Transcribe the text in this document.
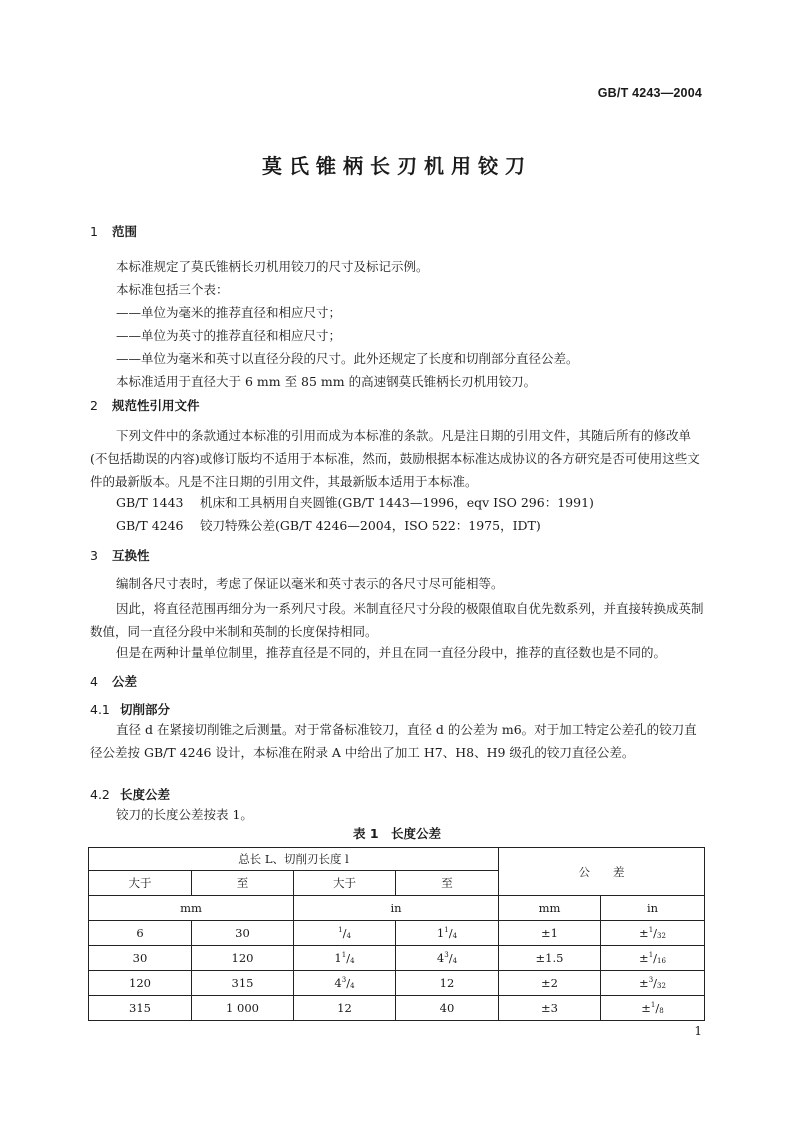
GB/T 4243—2004
莫氏锥柄长刃机用铰刀
1 范围
本标准规定了莫氏锥柄长刃机用铰刀的尺寸及标记示例。
本标准包括三个表：
——单位为毫米的推荐直径和相应尺寸；
——单位为英寸的推荐直径和相应尺寸；
——单位为毫米和英寸以直径分段的尺寸。此外还规定了长度和切削部分直径公差。
本标准适用于直径大于 6 mm 至 85 mm 的高速钢莫氏锥柄长刃机用铰刀。
2 规范性引用文件
下列文件中的条款通过本标准的引用而成为本标准的条款。凡是注日期的引用文件，其随后所有的修改单(不包括勘误的内容)或修订版均不适用于本标准，然而，鼓励根据本标准达成协议的各方研究是否可使用这些文件的最新版本。凡是不注日期的引用文件，其最新版本适用于本标准。
GB/T 1443 机床和工具柄用自夹圆锥(GB/T 1443—1996，eqv ISO 296：1991)
GB/T 4246 铰刀特殊公差(GB/T 4246—2004，ISO 522：1975，IDT)
3 互换性
编制各尺寸表时，考虑了保证以毫米和英寸表示的各尺寸尽可能相等。
因此，将直径范围再细分为一系列尺寸段。米制直径尺寸分段的极限值取自优先数系列，并直接转换成英制数值，同一直径分段中米制和英制的长度保持相同。
但是在两种计量单位制里，推荐直径是不同的，并且在同一直径分段中，推荐的直径数也是不同的。
4 公差
4.1 切削部分
直径 d 在紧接切削锥之后测量。对于常备标准铰刀，直径 d 的公差为 m6。对于加工特定公差孔的铰刀直径公差按 GB/T 4246 设计，本标准在附录 A 中给出了加工 H7、H8、H9 级孔的铰刀直径公差。
4.2 长度公差
铰刀的长度公差按表 1。
表 1　长度公差
总长 L、切削刃长度 l				公　　差	
大于	至	大于	至		
mm		in		mm	in
6	30	$^1/_4$	$1^1/_4$	±1	$\pm^1/_{32}$
30	120	$1^1/_4$	$4^3/_4$	±1.5	$\pm^1/_{16}$
120	315	$4^3/_4$	12	±2	$\pm^3/_{32}$
315	1 000	12	40	±3	$\pm^1/_8$
1
